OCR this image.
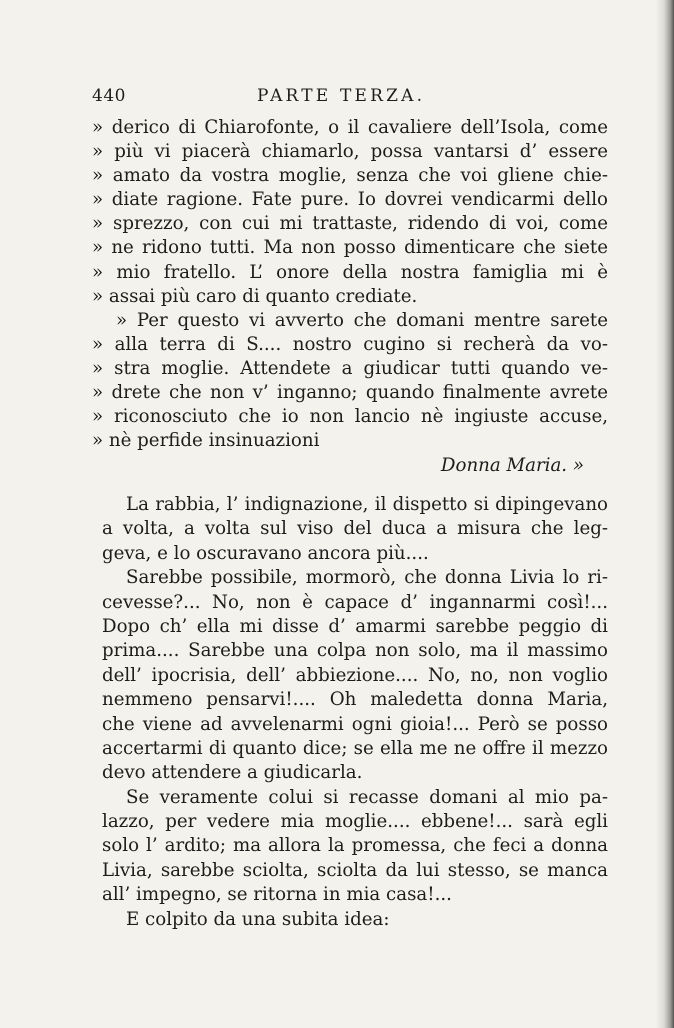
440	PARTE TERZA.
» derico di Chiarofonte, o il cavaliere dell’Isola, come
» più vi piacerà chiamarlo, possa vantarsi d’ essere
» amato da vostra moglie, senza che voi gliene chie-
» diate ragione. Fate pure. Io dovrei vendicarmi dello
» sprezzo, con cui mi trattaste, ridendo di voi, come
» ne ridono tutti. Ma non posso dimenticare che siete
» mio fratello. L’ onore della nostra famiglia mi è
» assai più caro di quanto crediate.
» Per questo vi avverto che domani mentre sarete
» alla terra di S.... nostro cugino si recherà da vo-
» stra moglie. Attendete a giudicar tutti quando ve-
» drete che non v’ inganno; quando finalmente avrete
» riconosciuto che io non lancio nè ingiuste accuse,
» nè perfide insinuazioni
Donna Maria. »
La rabbia, l’ indignazione, il dispetto si dipingevano
a volta, a volta sul viso del duca a misura che leg-
geva, e lo oscuravano ancora più....
Sarebbe possibile, mormorò, che donna Livia lo ri-
cevesse?... No, non è capace d’ ingannarmi così!...
Dopo ch’ ella mi disse d’ amarmi sarebbe peggio di
prima.... Sarebbe una colpa non solo, ma il massimo
dell’ ipocrisia, dell’ abbiezione.... No, no, non voglio
nemmeno pensarvi!.... Oh maledetta donna Maria,
che viene ad avvelenarmi ogni gioia!... Però se posso
accertarmi di quanto dice; se ella me ne offre il mezzo
devo attendere a giudicarla.
Se veramente colui si recasse domani al mio pa-
lazzo, per vedere mia moglie.... ebbene!... sarà egli
solo l’ ardito; ma allora la promessa, che feci a donna
Livia, sarebbe sciolta, sciolta da lui stesso, se manca
all’ impegno, se ritorna in mia casa!...
E colpito da una subita idea:
